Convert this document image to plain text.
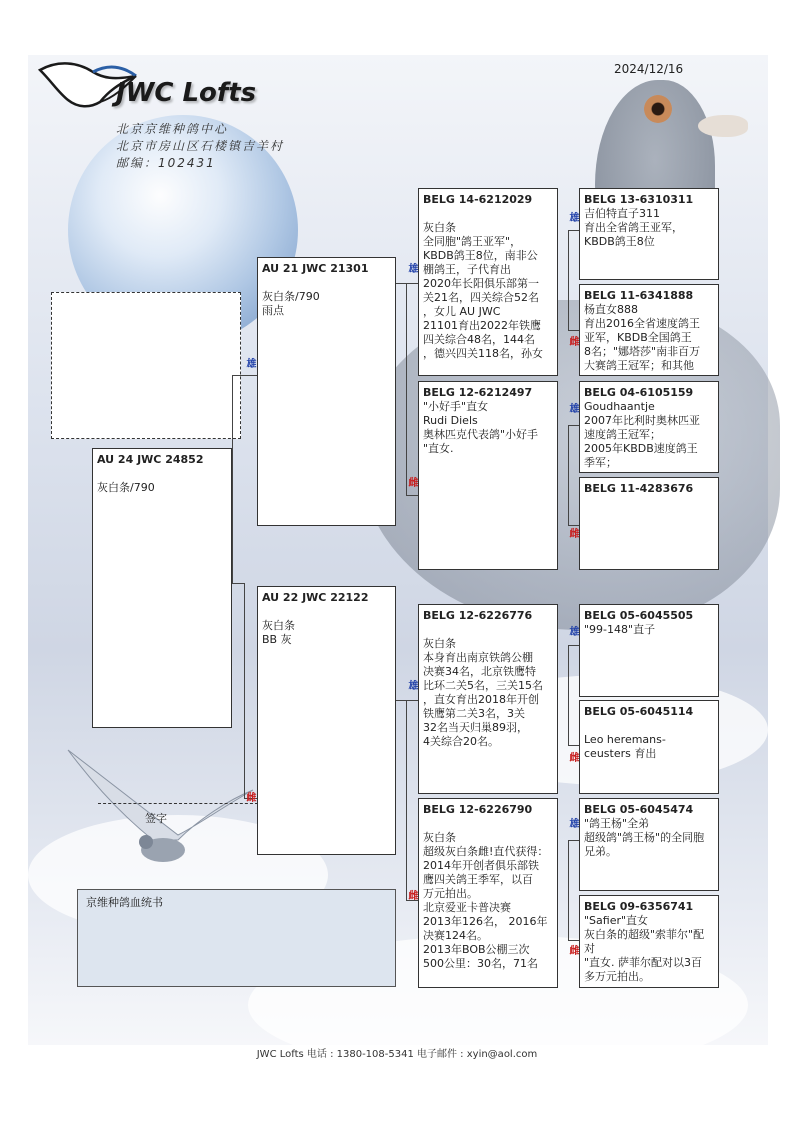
JWC Lofts
北京京维种鸽中心
北京市房山区石楼镇吉羊村
邮编：102431
2024/12/16
雄
雌
雄
雌
雄
雌
雄
雌
雄
雌
雄
雌
雄
雌
AU 24 JWC 24852
灰白条/790
AU 21 JWC 21301
灰白条/790
雨点
AU 22 JWC 22122
灰白条
BB 灰
BELG 14-6212029
灰白条
全同胞"鸽王亚军"，
KBDB鸽王8位，南非公
棚鸽王，子代育出
2020年长阳俱乐部第一
关21名，四关综合52名
，女儿 AU JWC
21101育出2022年铁鹰
四关综合48名，144名
，德兴四关118名，孙女
BELG 12-6212497
"小好手"直女
Rudi Diels
奥林匹克代表鸽"小好手
"直女.
BELG 12-6226776
灰白条
本身育出南京铁鸽公棚
决赛34名，北京铁鹰特
比环二关5名，三关15名
，直女育出2018年开创
铁鹰第二关3名，3关
32名当天归巢89羽，
4关综合20名。
BELG 12-6226790
灰白条
超级灰白条雌!直代获得：
2014年开创者俱乐部铁
鹰四关鸽王季军，以百
万元拍出。
北京爱亚卡普决赛
2013年126名， 2016年
决赛124名。
2013年BOB公棚三次
500公里：30名，71名
BELG 13-6310311
吉伯特直子311
育出全省鸽王亚军，
KBDB鸽王8位
BELG 11-6341888
杨直女888
育出2016全省速度鸽王
亚军，KBDB全国鸽王
8名；"娜塔莎"南非百万
大赛鸽王冠军；和其他
BELG 04-6105159
Goudhaantje
2007年比利时奥林匹亚
速度鸽王冠军；
2005年KBDB速度鸽王
季军；
BELG 11-4283676
BELG 05-6045505
"99-148"直子
BELG 05-6045114

Leo heremans-
ceusters 育出
BELG 05-6045474
"鸽王杨"全弟
超级鸽"鸽王杨"的全同胞
兄弟。
BELG 09-6356741
"Safier"直女
灰白条的超级"索菲尔"配对
"直女. 萨菲尔配对以3百
多万元拍出。
签字
京维种鸽血统书
JWC Lofts 电话 : 1380-108-5341 电子邮件 : xyin@aol.com
